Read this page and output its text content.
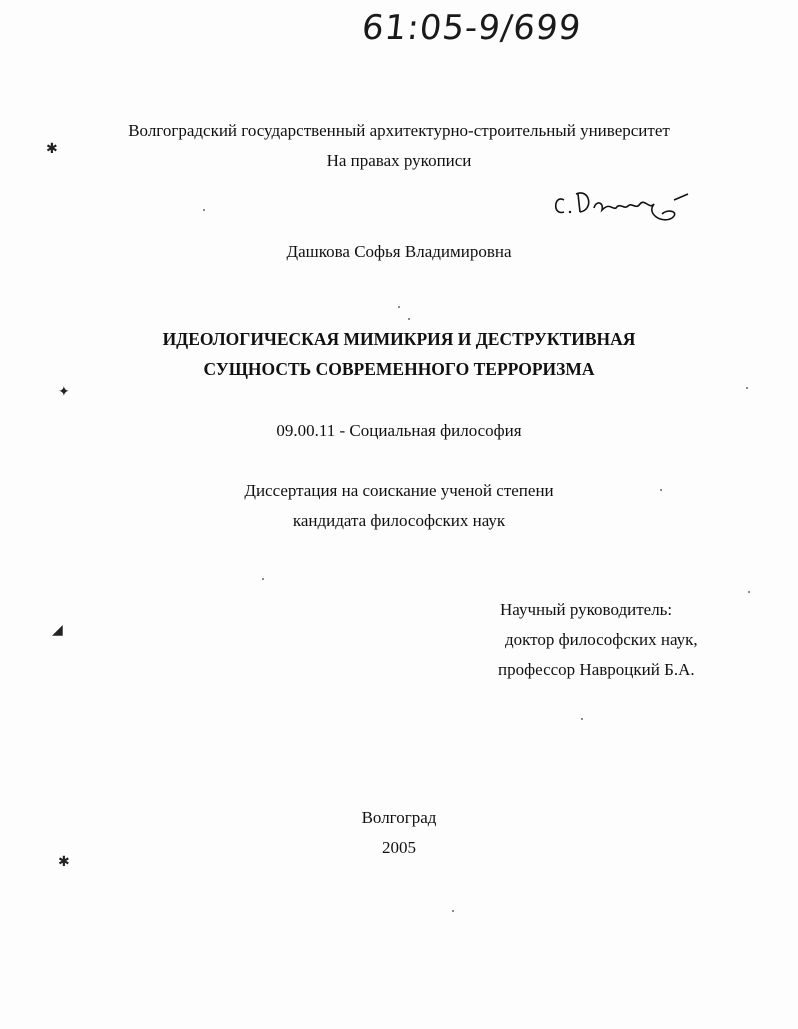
61:05-9/699
Волгоградский государственный архитектурно-строительный университет
На правах рукописи
Дашкова Софья Владимировна
ИДЕОЛОГИЧЕСКАЯ МИМИКРИЯ И ДЕСТРУКТИВНАЯ
СУЩНОСТЬ СОВРЕМЕННОГО ТЕРРОРИЗМА
09.00.11 - Социальная философия
Диссертация на соискание ученой степени
кандидата философских наук
Научный руководитель:
доктор философских наук,
профессор Навроцкий Б.А.
Волгоград
2005
✱
✦
◢
✱
